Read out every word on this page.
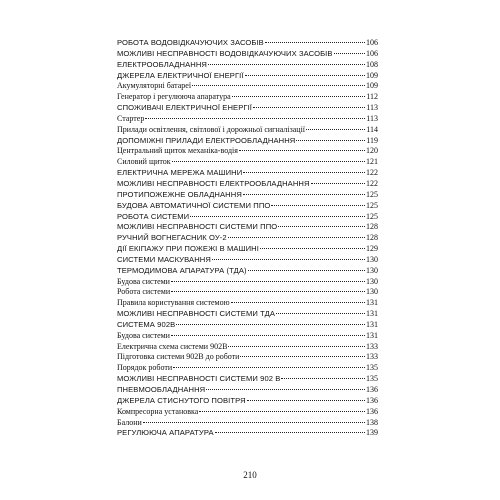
РОБОТА ВОДОВІДКАЧУЮЧИХ ЗАСОБІВ	106
МОЖЛИВІ НЕСПРАВНОСТІ ВОДОВІДКАЧУЮЧИХ ЗАСОБІВ	106
ЕЛЕКТРООБЛАДНАННЯ	108
ДЖЕРЕЛА ЕЛЕКТРИЧНОЇ ЕНЕРГІЇ	109
Акумуляторні батареї	109
Генератор і регулююча апаратура	112
СПОЖИВАЧІ ЕЛЕКТРИЧНОЇ ЕНЕРГІЇ	113
Стартер	113
Прилади освітлення, світлової і дорожньої сигналізації	114
ДОПОМІЖНІ ПРИЛАДИ ЕЛЕКТРООБЛАДНАННЯ	119
Центральний щиток механіка-водія	120
Силовий щиток	121
ЕЛЕКТРИЧНА МЕРЕЖА МАШИНИ	122
МОЖЛИВІ НЕСПРАВНОСТІ ЕЛЕКТРООБЛАДНАННЯ	122
ПРОТИПОЖЕЖНЕ ОБЛАДНАННЯ	125
БУДОВА АВТОМАТИЧНОЇ СИСТЕМИ ППО	125
РОБОТА СИСТЕМИ	125
МОЖЛИВІ НЕСПРАВНОСТІ СИСТЕМИ ППО	128
РУЧНИЙ ВОГНЕГАСНИК ОУ-2	128
ДІЇ ЕКІПАЖУ ПРИ ПОЖЕЖІ В МАШИНІ	129
СИСТЕМИ МАСКУВАННЯ	130
ТЕРМОДИМОВА АПАРАТУРА (ТДА)	130
Будова системи	130
Робота системи	130
Правила користування системою	131
МОЖЛИВІ НЕСПРАВНОСТІ СИСТЕМИ ТДА	131
СИСТЕМА 902В	131
Будова системи	131
Електрична схема системи 902В	133
Підготовка системи 902В до роботи	133
Порядок роботи	135
МОЖЛИВІ НЕСПРАВНОСТІ СИСТЕМИ 902 В	135
ПНЕВМООБЛАДНАННЯ	136
ДЖЕРЕЛА СТИСНУТОГО ПОВІТРЯ	136
Компресорна установка	136
Балони	138
РЕГУЛЮЮЧА АПАРАТУРА	139
210
